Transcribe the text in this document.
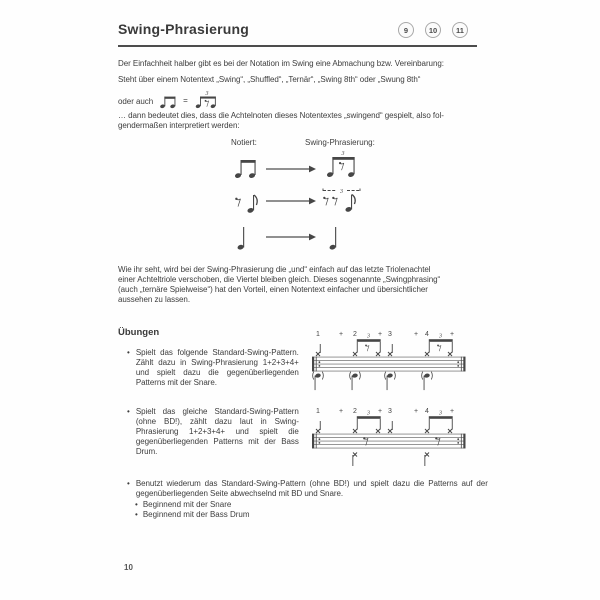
Swing-Phrasierung	9	10	11
Der Einfachheit halber gibt es bei der Notation im Swing eine Abmachung bzw. Vereinbarung:
Steht über einem Notentext „Swing“, „Shuffled“, „Ternär“, „Swing 8th“ oder „Swung 8th“
oder auch	=
3
… dann bedeutet dies, dass die Achtelnoten dieses Notentextes „swingend“ gespielt, also fol-
gendermaßen interpretiert werden:
Notiert:	Swing-Phrasierung:
3
3
Wie ihr seht, wird bei der Swing-Phrasierung die „und“ einfach auf das letzte Triolenachtel
einer Achteltriole verschoben, die Viertel bleiben gleich. Dieses sogenannte „Swingphrasing“
(auch „ternäre Spielweise“) hat den Vorteil, einen Notentext einfacher und übersichtlicher
aussehen zu lassen.
Übungen
• Spielt das folgende Standard-Swing-Pattern. Zählt dazu in Swing-Phrasierung 1+2+3+4+ und spielt dazu die gegenüberliegenden Patterns mit der Snare.
1	+ 2	+ 3	+ 4	+
3	3
• Spielt das gleiche Standard-Swing-Pattern (ohne BD!), zählt dazu laut in Swing-Phrasierung 1+2+3+4+ und spielt die gegenüberliegenden Patterns mit der Bass Drum.
1	+ 2	+ 3	+ 4	+
3	3
• Benutzt wiederum das Standard-Swing-Pattern (ohne BD!) und spielt dazu die Patterns auf der gegenüberliegenden Seite abwechselnd mit BD und Snare.
• Beginnend mit der Snare
• Beginnend mit der Bass Drum
10
